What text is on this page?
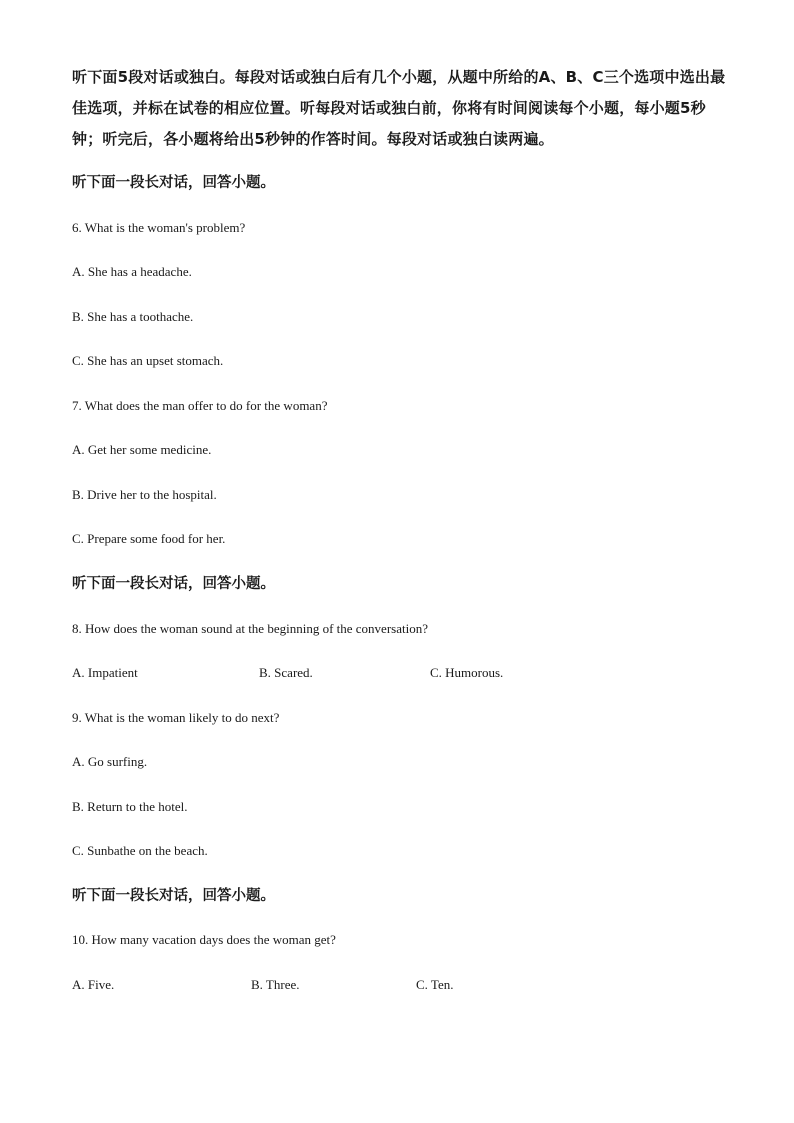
听下面5段对话或独白。每段对话或独白后有几个小题，从题中所给的A、B、C三个选项中选出最佳选项，并标在试卷的相应位置。听每段对话或独白前，你将有时间阅读每个小题，每小题5秒钟；听完后，各小题将给出5秒钟的作答时间。每段对话或独白读两遍。

听下面一段长对话，回答小题。

6. What is the woman's problem?

A. She has a headache.

B. She has a toothache.

C. She has an upset stomach.

7. What does the man offer to do for the woman?

A. Get her some medicine.

B. Drive her to the hospital.

C. Prepare some food for her.

听下面一段长对话，回答小题。

8. How does the woman sound at the beginning of the conversation?

A. Impatient	B. Scared.	C. Humorous.

9. What is the woman likely to do next?

A. Go surfing.

B. Return to the hotel.

C. Sunbathe on the beach.

听下面一段长对话，回答小题。

10. How many vacation days does the woman get?

A. Five.	B. Three.	C. Ten.
